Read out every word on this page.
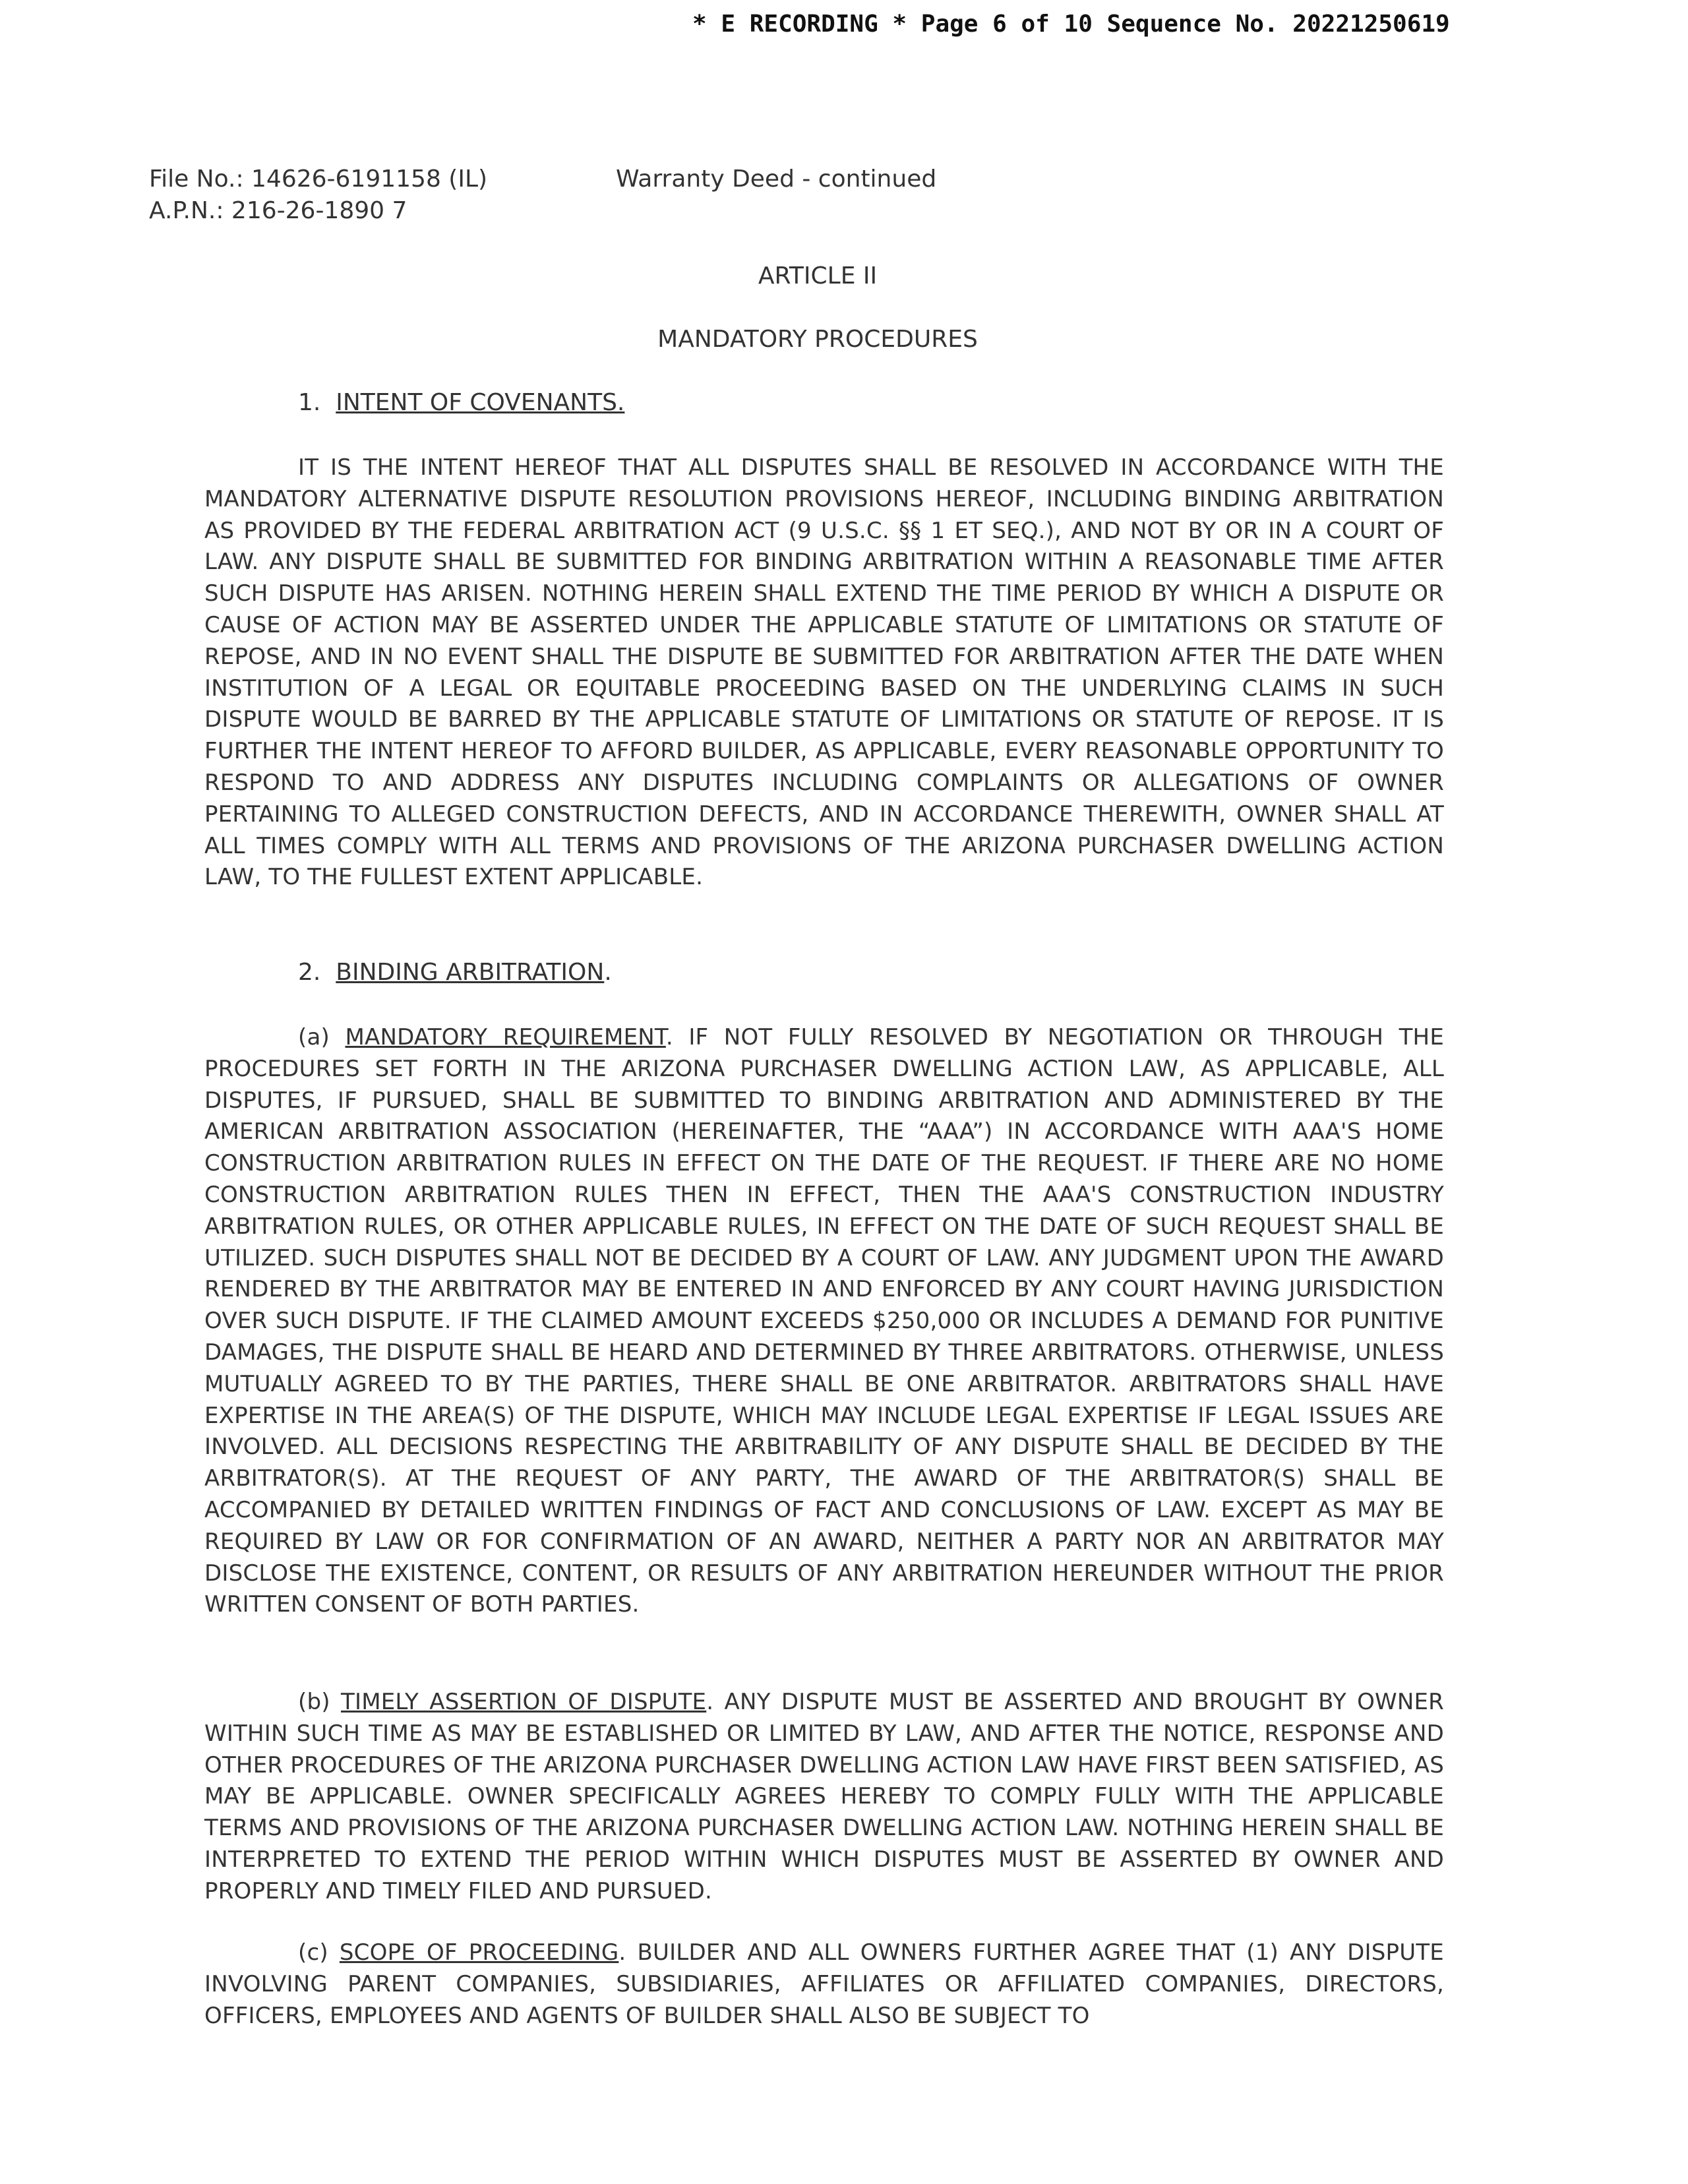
* E RECORDING * Page 6 of 10 Sequence No. 20221250619
File No.: 14626-6191158 (IL)
A.P.N.: 216-26-1890 7
Warranty Deed - continued
ARTICLE II
MANDATORY PROCEDURES
1. INTENT OF COVENANTS.
IT IS THE INTENT HEREOF THAT ALL DISPUTES SHALL BE RESOLVED IN ACCORDANCE WITH THE MANDATORY ALTERNATIVE DISPUTE RESOLUTION PROVISIONS HEREOF, INCLUDING BINDING ARBITRATION AS PROVIDED BY THE FEDERAL ARBITRATION ACT (9 U.S.C. §§ 1 ET SEQ.), AND NOT BY OR IN A COURT OF LAW. ANY DISPUTE SHALL BE SUBMITTED FOR BINDING ARBITRATION WITHIN A REASONABLE TIME AFTER SUCH DISPUTE HAS ARISEN. NOTHING HEREIN SHALL EXTEND THE TIME PERIOD BY WHICH A DISPUTE OR CAUSE OF ACTION MAY BE ASSERTED UNDER THE APPLICABLE STATUTE OF LIMITATIONS OR STATUTE OF REPOSE, AND IN NO EVENT SHALL THE DISPUTE BE SUBMITTED FOR ARBITRATION AFTER THE DATE WHEN INSTITUTION OF A LEGAL OR EQUITABLE PROCEEDING BASED ON THE UNDERLYING CLAIMS IN SUCH DISPUTE WOULD BE BARRED BY THE APPLICABLE STATUTE OF LIMITATIONS OR STATUTE OF REPOSE. IT IS FURTHER THE INTENT HEREOF TO AFFORD BUILDER, AS APPLICABLE, EVERY REASONABLE OPPORTUNITY TO RESPOND TO AND ADDRESS ANY DISPUTES INCLUDING COMPLAINTS OR ALLEGATIONS OF OWNER PERTAINING TO ALLEGED CONSTRUCTION DEFECTS, AND IN ACCORDANCE THEREWITH, OWNER SHALL AT ALL TIMES COMPLY WITH ALL TERMS AND PROVISIONS OF THE ARIZONA PURCHASER DWELLING ACTION LAW, TO THE FULLEST EXTENT APPLICABLE.
2. BINDING ARBITRATION.
(a) MANDATORY REQUIREMENT. IF NOT FULLY RESOLVED BY NEGOTIATION OR THROUGH THE PROCEDURES SET FORTH IN THE ARIZONA PURCHASER DWELLING ACTION LAW, AS APPLICABLE, ALL DISPUTES, IF PURSUED, SHALL BE SUBMITTED TO BINDING ARBITRATION AND ADMINISTERED BY THE AMERICAN ARBITRATION ASSOCIATION (HEREINAFTER, THE “AAA”) IN ACCORDANCE WITH AAA'S HOME CONSTRUCTION ARBITRATION RULES IN EFFECT ON THE DATE OF THE REQUEST. IF THERE ARE NO HOME CONSTRUCTION ARBITRATION RULES THEN IN EFFECT, THEN THE AAA'S CONSTRUCTION INDUSTRY ARBITRATION RULES, OR OTHER APPLICABLE RULES, IN EFFECT ON THE DATE OF SUCH REQUEST SHALL BE UTILIZED. SUCH DISPUTES SHALL NOT BE DECIDED BY A COURT OF LAW. ANY JUDGMENT UPON THE AWARD RENDERED BY THE ARBITRATOR MAY BE ENTERED IN AND ENFORCED BY ANY COURT HAVING JURISDICTION OVER SUCH DISPUTE. IF THE CLAIMED AMOUNT EXCEEDS $250,000 OR INCLUDES A DEMAND FOR PUNITIVE DAMAGES, THE DISPUTE SHALL BE HEARD AND DETERMINED BY THREE ARBITRATORS. OTHERWISE, UNLESS MUTUALLY AGREED TO BY THE PARTIES, THERE SHALL BE ONE ARBITRATOR. ARBITRATORS SHALL HAVE EXPERTISE IN THE AREA(S) OF THE DISPUTE, WHICH MAY INCLUDE LEGAL EXPERTISE IF LEGAL ISSUES ARE INVOLVED. ALL DECISIONS RESPECTING THE ARBITRABILITY OF ANY DISPUTE SHALL BE DECIDED BY THE ARBITRATOR(S). AT THE REQUEST OF ANY PARTY, THE AWARD OF THE ARBITRATOR(S) SHALL BE ACCOMPANIED BY DETAILED WRITTEN FINDINGS OF FACT AND CONCLUSIONS OF LAW. EXCEPT AS MAY BE REQUIRED BY LAW OR FOR CONFIRMATION OF AN AWARD, NEITHER A PARTY NOR AN ARBITRATOR MAY DISCLOSE THE EXISTENCE, CONTENT, OR RESULTS OF ANY ARBITRATION HEREUNDER WITHOUT THE PRIOR WRITTEN CONSENT OF BOTH PARTIES.
(b) TIMELY ASSERTION OF DISPUTE. ANY DISPUTE MUST BE ASSERTED AND BROUGHT BY OWNER WITHIN SUCH TIME AS MAY BE ESTABLISHED OR LIMITED BY LAW, AND AFTER THE NOTICE, RESPONSE AND OTHER PROCEDURES OF THE ARIZONA PURCHASER DWELLING ACTION LAW HAVE FIRST BEEN SATISFIED, AS MAY BE APPLICABLE. OWNER SPECIFICALLY AGREES HEREBY TO COMPLY FULLY WITH THE APPLICABLE TERMS AND PROVISIONS OF THE ARIZONA PURCHASER DWELLING ACTION LAW. NOTHING HEREIN SHALL BE INTERPRETED TO EXTEND THE PERIOD WITHIN WHICH DISPUTES MUST BE ASSERTED BY OWNER AND PROPERLY AND TIMELY FILED AND PURSUED.
(c) SCOPE OF PROCEEDING. BUILDER AND ALL OWNERS FURTHER AGREE THAT (1) ANY DISPUTE INVOLVING PARENT COMPANIES, SUBSIDIARIES, AFFILIATES OR AFFILIATED COMPANIES, DIRECTORS, OFFICERS, EMPLOYEES AND AGENTS OF BUILDER SHALL ALSO BE SUBJECT TO
